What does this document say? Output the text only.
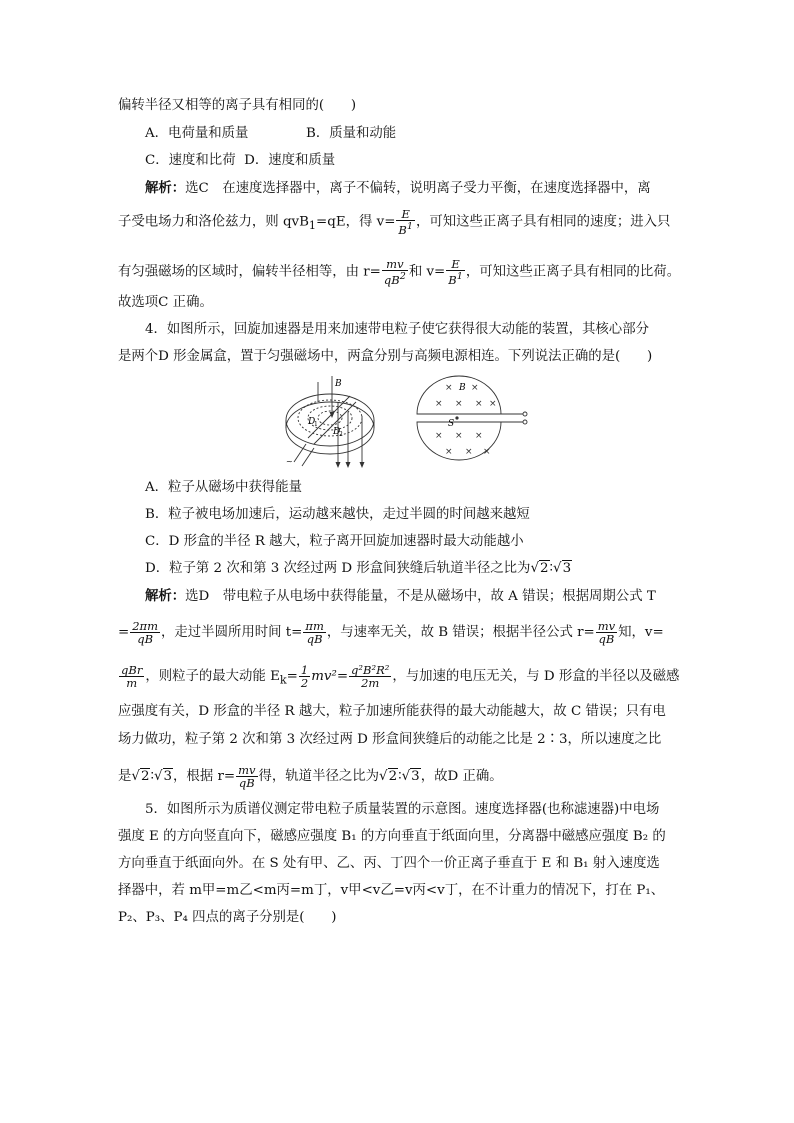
偏转半径又相等的离子具有相同的(　　)
A．电荷量和质量	B．质量和动能
C．速度和比荷 D．速度和质量
解析：选C　在速度选择器中，离子不偏转，说明离子受力平衡，在速度选择器中，离
子受电场力和洛伦兹力，则 qvB$_1$=qE，得 $v= \frac{E}{B^1}$ ，可知这些正离子具有相同的速度；进入只
有匀强磁场的区域时，偏转半径相等，由 $r= \frac{mv}{qB^2}$ 和 $v= \frac{E}{B^1}$ ，可知这些正离子具有相同的比荷。
故选项C 正确。
4．如图所示，回旋加速器是用来加速带电粒子使它获得很大动能的装置，其核心部分
是两个D 形金属盒，置于匀强磁场中，两盒分别与高频电源相连。下列说法正确的是(　　)
B
D
1
D
2
~
× ×
× × × ×
× × ×
× × ×
B
S
A．粒子从磁场中获得能量
B．粒子被电场加速后，运动越来越快，走过半圆的时间越来越短
C．D 形盒的半径 R 越大，粒子离开回旋加速器时最大动能越小
D．粒子第 2 次和第 3 次经过两 D 形盒间狭缝后轨道半径之比为√2∶√3
解析：选D　带电粒子从电场中获得能量，不是从磁场中，故 A 错误；根据周期公式 T
= $\frac{2\pi m}{qB}$ ，走过半圆所用时间 $t= \frac{\pi m}{qB}$ ，与速率无关，故 B 错误；根据半径公式 $r= \frac{mv}{qB}$ 知，v=
$\frac{\text{qBr}}{m}$ ，则粒子的最大动能 $E_k= \frac{1}{2} mv^2= \frac{\text{q²B²R²}}{2m}$ ，与加速的电压无关，与 D 形盒的半径以及磁感
应强度有关，D 形盒的半径 R 越大，粒子加速所能获得的最大动能越大，故 C 错误；只有电
场力做功，粒子第 2 次和第 3 次经过两 D 形盒间狭缝后的动能之比是 2∶3，所以速度之比
是√2∶√3，根据 $r= \frac{mv}{qB}$ 得，轨道半径之比为√2∶√3，故D 正确。
5．如图所示为质谱仪测定带电粒子质量装置的示意图。速度选择器(也称滤速器)中电场
强度 E 的方向竖直向下，磁感应强度 B₁ 的方向垂直于纸面向里，分离器中磁感应强度 B₂ 的
方向垂直于纸面向外。在 S 处有甲、乙、丙、丁四个一价正离子垂直于 E 和 B₁ 射入速度选
择器中，若 m甲=m乙<m丙=m丁，v甲<v乙=v丙<v丁，在不计重力的情况下，打在 P₁、
P₂、P₃、P₄ 四点的离子分别是(　　)
